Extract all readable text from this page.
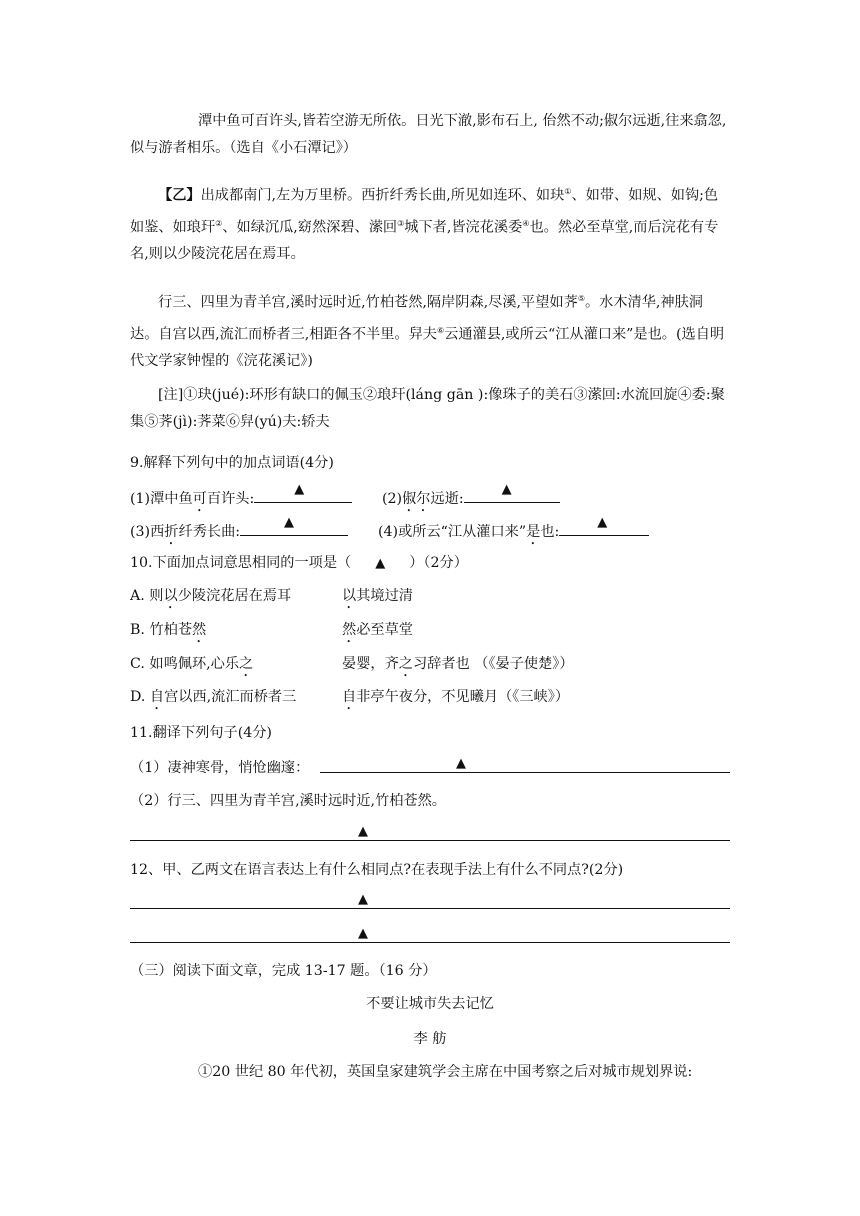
潭中鱼可百许头,皆若空游无所依。日光下澈,影布石上, 佁然不动;俶尔远逝,往来翕忽,似与游者相乐。（选自《小石潭记》）

【乙】出成都南门,左为万里桥。西折纤秀长曲,所见如连环、如玦①、如带、如规、如钩;色如鉴、如琅玕②、如绿沉瓜,窈然深碧、潆回③城下者,皆浣花溪委④也。然必至草堂,而后浣花有专名,则以少陵浣花居在焉耳。

行三、四里为青羊宫,溪时远时近,竹柏苍然,隔岸阴森,尽溪,平望如荠⑤。水木清华,神肤洞达。自宫以西,流汇而桥者三,相距各不半里。舁夫⑥云通灌县,或所云“江从灌口来”是也。(选自明代文学家钟惺的《浣花溪记》)

[注]①玦(jué):环形有缺口的佩玉②琅玕(láng gān ):像珠子的美石③潆回:水流回旋④委:聚集⑤荠(jì):荠菜⑥舁(yú)夫:轿夫

9.解释下列句中的加点词语(4分)
(1)潭中鱼可百许头:
▲
(2)俶尔远逝:
▲
(3)西折纤秀长曲:
▲
(4)或所云“江从灌口来”是也:
▲
10.下面加点词意思相同的一项是（ ▲ ）（2分）
A. 则以少陵浣花居在焉耳	以其境过清
B. 竹柏苍然	然必至草堂
C. 如鸣佩环,心乐之	晏婴，齐之习辞者也 （《晏子使楚》）
D. 自宫以西,流汇而桥者三	自非亭午夜分，不见曦月（《三峡》）
11.翻译下列句子(4分)
（1）凄神寒骨，悄怆幽邃：	▲
（2）行三、四里为青羊宫,溪时远时近,竹柏苍然。
▲
12、甲、乙两文在语言表达上有什么相同点?在表现手法上有什么不同点?(2分)
▲
▲
（三）阅读下面文章，完成 13-17 题。（16 分）
不要让城市失去记忆
李 舫
①20 世纪 80 年代初，英国皇家建筑学会主席在中国考察之后对城市规划界说:
